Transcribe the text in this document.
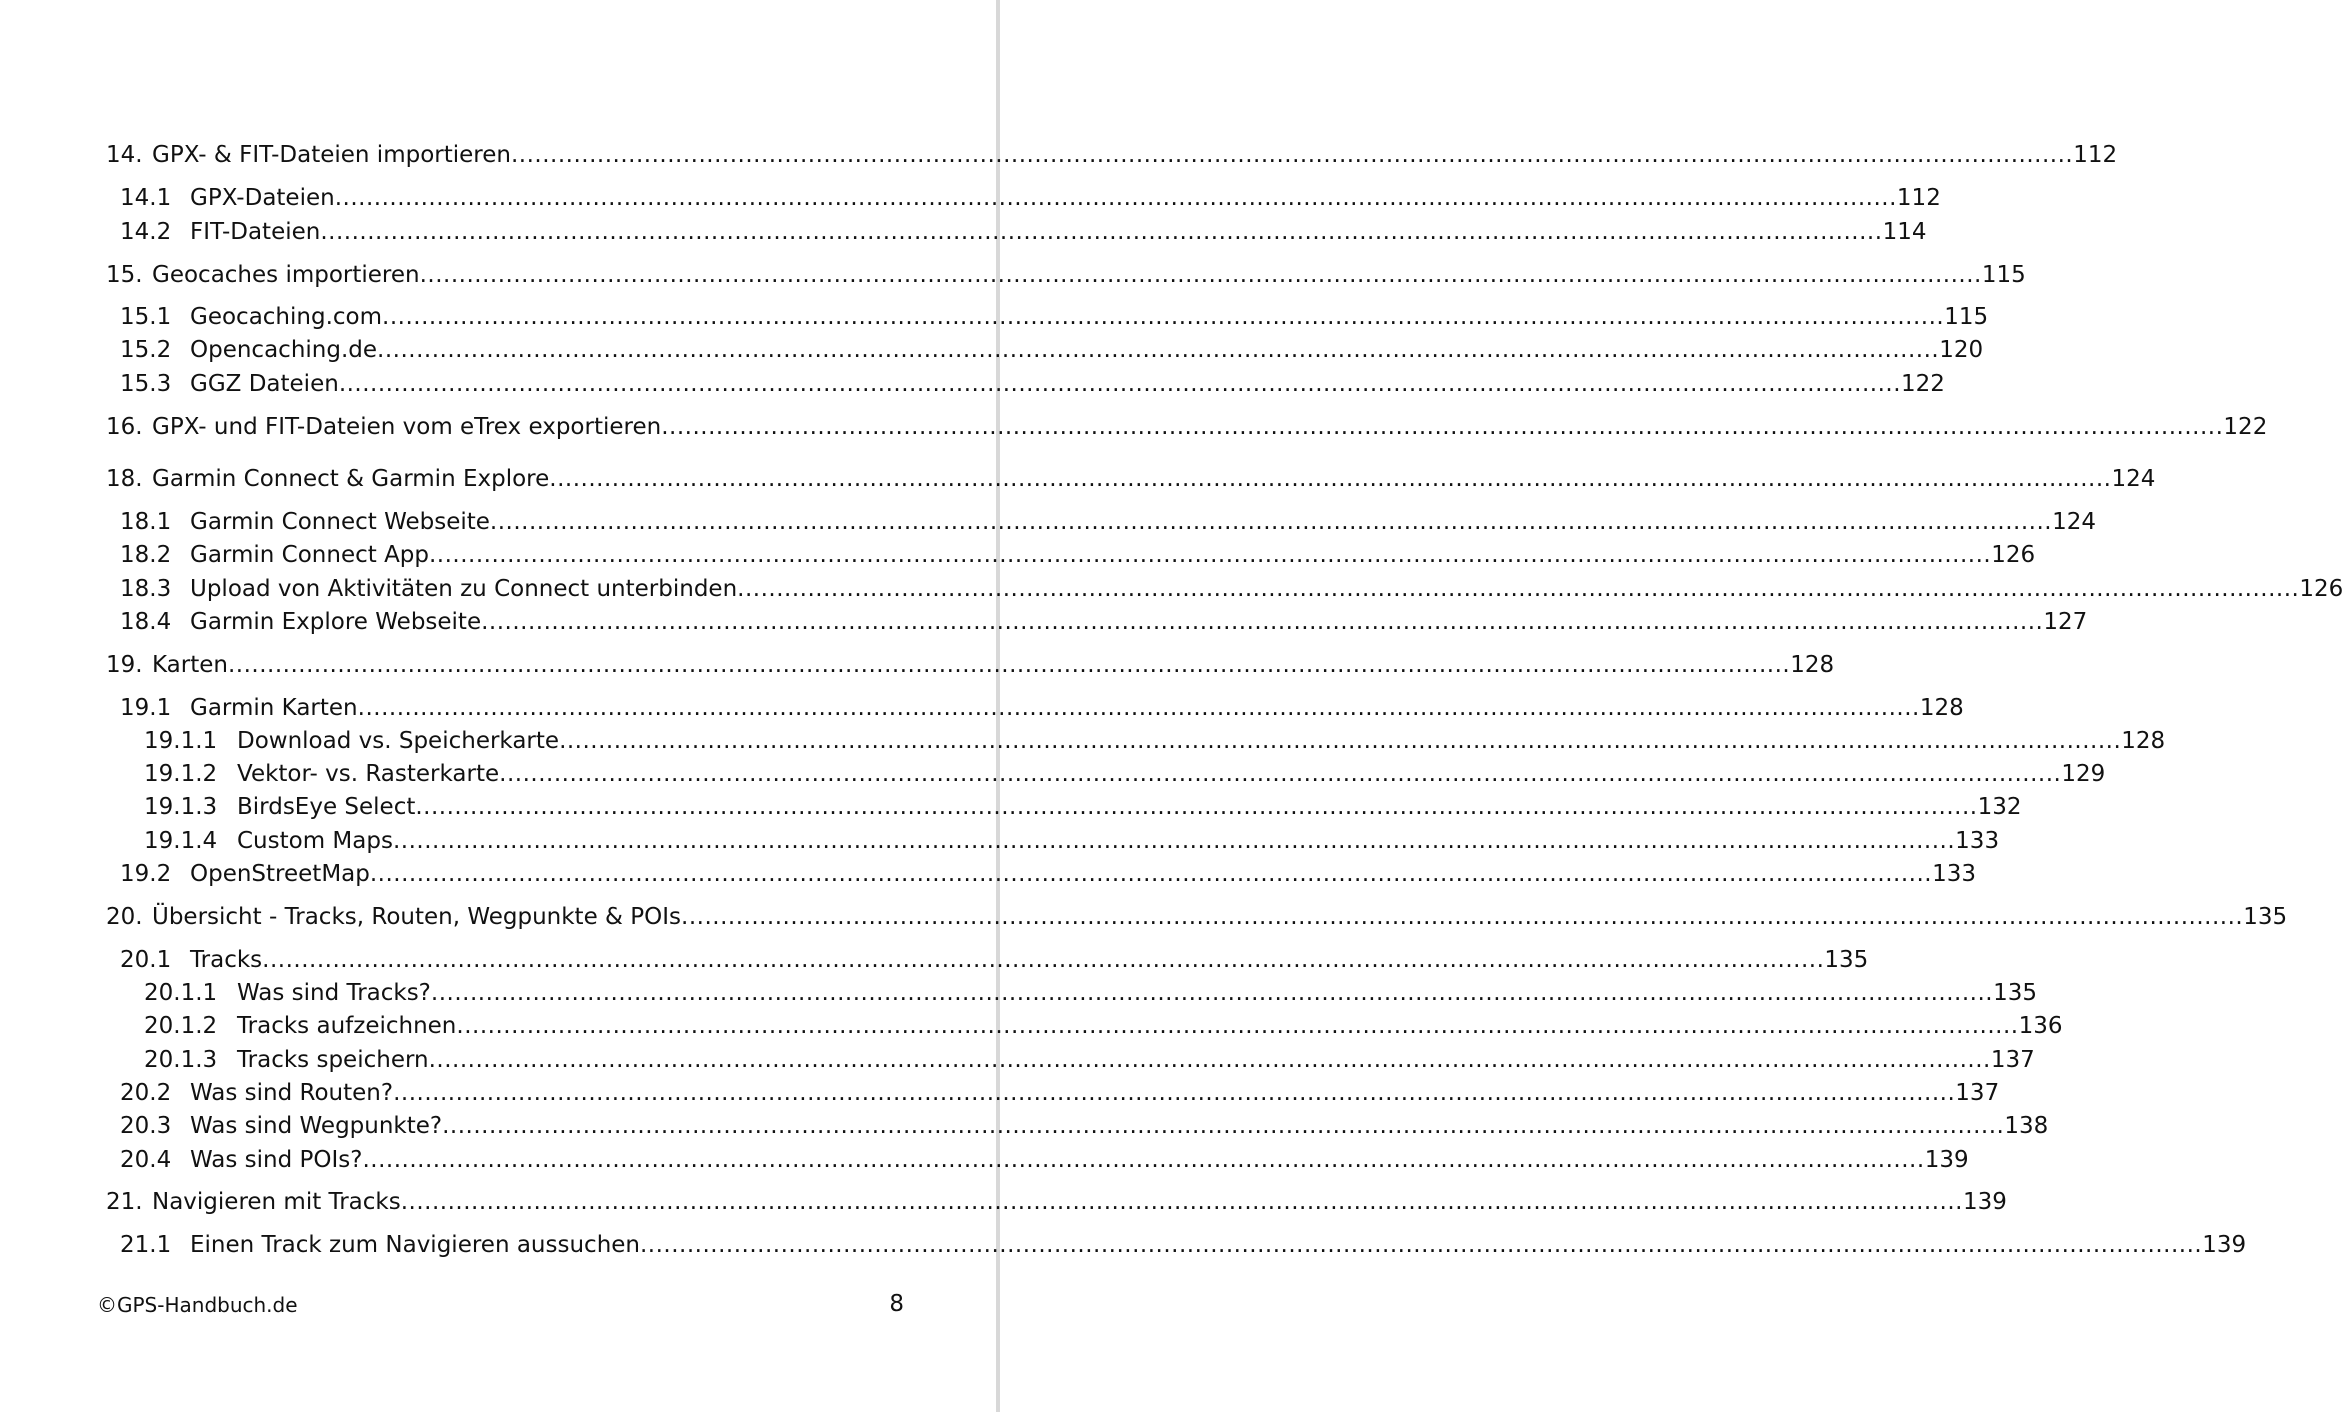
14. GPX- & FIT-Dateien importieren ........................................................................................................................................................................................................ 112
14.1 GPX-Dateien ........................................................................................................................................................................................................ 112
14.2 FIT-Dateien ........................................................................................................................................................................................................ 114
15. Geocaches importieren ........................................................................................................................................................................................................ 115
15.1 Geocaching.com ........................................................................................................................................................................................................ 115
15.2 Opencaching.de ........................................................................................................................................................................................................ 120
15.3 GGZ Dateien ........................................................................................................................................................................................................ 122
16. GPX- und FIT-Dateien vom eTrex exportieren ........................................................................................................................................................................................................ 122
18. Garmin Connect & Garmin Explore ........................................................................................................................................................................................................ 124
18.1 Garmin Connect Webseite ........................................................................................................................................................................................................ 124
18.2 Garmin Connect App ........................................................................................................................................................................................................ 126
18.3 Upload von Aktivitäten zu Connect unterbinden ........................................................................................................................................................................................................ 126
18.4 Garmin Explore Webseite ........................................................................................................................................................................................................ 127
19. Karten ........................................................................................................................................................................................................ 128
19.1 Garmin Karten ........................................................................................................................................................................................................ 128
19.1.1 Download vs. Speicherkarte ........................................................................................................................................................................................................ 128
19.1.2 Vektor- vs. Rasterkarte ........................................................................................................................................................................................................ 129
19.1.3 BirdsEye Select ........................................................................................................................................................................................................ 132
19.1.4 Custom Maps ........................................................................................................................................................................................................ 133
19.2 OpenStreetMap ........................................................................................................................................................................................................ 133
20. Übersicht - Tracks, Routen, Wegpunkte & POIs ........................................................................................................................................................................................................ 135
20.1 Tracks ........................................................................................................................................................................................................ 135
20.1.1 Was sind Tracks? ........................................................................................................................................................................................................ 135
20.1.2 Tracks aufzeichnen ........................................................................................................................................................................................................ 136
20.1.3 Tracks speichern ........................................................................................................................................................................................................ 137
20.2 Was sind Routen? ........................................................................................................................................................................................................ 137
20.3 Was sind Wegpunkte? ........................................................................................................................................................................................................ 138
20.4 Was sind POIs? ........................................................................................................................................................................................................ 139
21. Navigieren mit Tracks ........................................................................................................................................................................................................ 139
21.1 Einen Track zum Navigieren aussuchen ........................................................................................................................................................................................................ 139
©GPS-Handbuch.de	8
